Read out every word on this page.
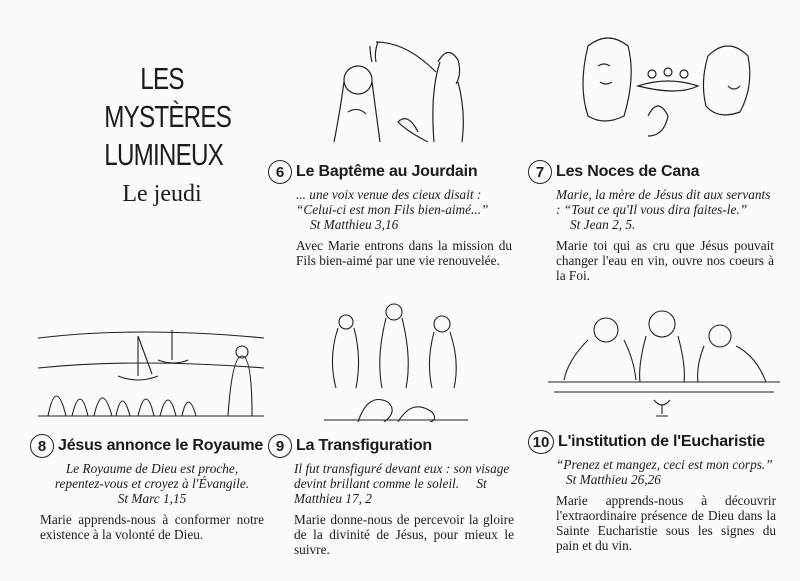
LES
MYSTÈRES
LUMINEUX
Le jeudi
6 Le Baptême au Jourdain
... une voix venue des cieux disait : “Celui-ci est mon Fils bien-aimé...” St Matthieu 3,16
Avec Marie entrons dans la mission du Fils bien-aimé par une vie renouvelée.
7 Les Noces de Cana
Marie, la mère de Jésus dit aux servants : “Tout ce qu'Il vous dira faites-le.” St Jean 2, 5.
Marie toi qui as cru que Jésus pouvait changer l'eau en vin, ouvre nos coeurs à la Foi.
8 Jésus annonce le Royaume
Le Royaume de Dieu est proche, repentez-vous et croyez à l'Évangile.
St Marc 1,15
Marie apprends-nous à conformer notre existence à la volonté de Dieu.
9 La Transfiguration
Il fut transfiguré devant eux : son visage devint brillant comme le soleil. St Matthieu 17, 2
Marie donne-nous de percevoir la gloire de la divinité de Jésus, pour mieux le suivre.
10 L'institution de l'Eucharistie
“Prenez et mangez, ceci est mon corps.” St Matthieu 26,26
Marie apprends-nous à découvrir l'extraordinaire présence de Dieu dans la Sainte Eucharistie sous les signes du pain et du vin.
